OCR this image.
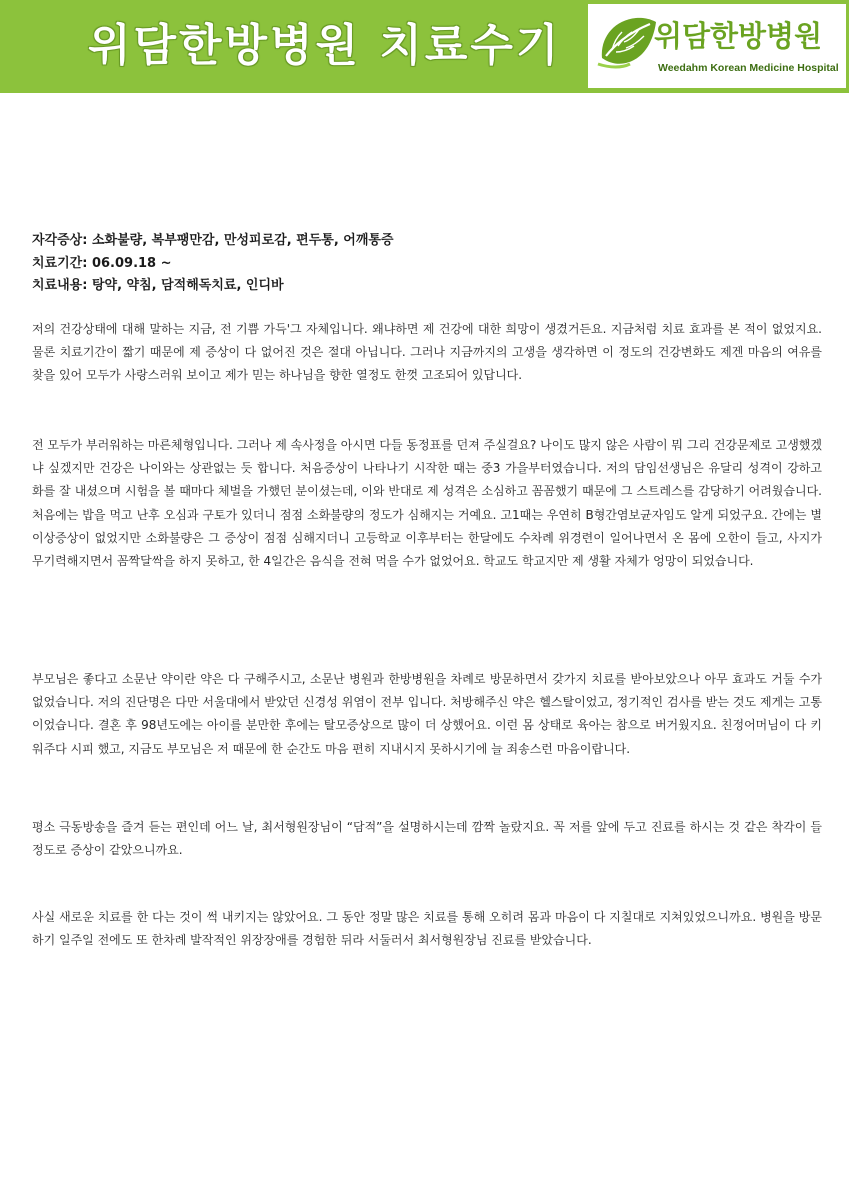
위담한방병원 치료수기	위담한방병원
Weedahm Korean Medicine Hospital
자각증상: 소화불량, 복부팽만감, 만성피로감, 편두통, 어깨통증
치료기간: 06.09.18 ~
치료내용: 탕약, 약침, 담적해독치료, 인디바

저의 건강상태에 대해 말하는 지금, 전 기쁨 가득'그 자체입니다. 왜냐하면 제 건강에 대한 희망이 생겼거든요. 지금처럼 치료 효과를 본 적이 없었지요. 물론 치료기간이 짧기 때문에 제 증상이 다 없어진 것은 절대 아닙니다. 그러나 지금까지의 고생을 생각하면 이 정도의 건강변화도 제겐 마음의 여유를 찾을 있어 모두가 사랑스러워 보이고 제가 믿는 하나님을 향한 열정도 한껏 고조되어 있답니다.

전 모두가 부러워하는 마른체형입니다. 그러나 제 속사정을 아시면 다들 동정표를 던져 주실걸요? 나이도 많지 않은 사람이 뭐 그리 건강문제로 고생했겠냐 싶겠지만 건강은 나이와는 상관없는 듯 합니다. 처음증상이 나타나기 시작한 때는 중3 가을부터였습니다. 저의 담임선생님은 유달리 성격이 강하고 화를 잘 내셨으며 시험을 볼 때마다 체벌을 가했던 분이셨는데, 이와 반대로 제 성격은 소심하고 꼼꼼했기 때문에 그 스트레스를 감당하기 어려웠습니다. 처음에는 밥을 먹고 난후 오심과 구토가 있더니 점점 소화불량의 정도가 심해지는 거예요. 고1때는 우연히 B형간염보균자임도 알게 되었구요. 간에는 별 이상증상이 없었지만 소화불량은 그 증상이 점점 심해지더니 고등학교 이후부터는 한달에도 수차례 위경련이 일어나면서 온 몸에 오한이 들고, 사지가 무기력해지면서 꼼짝달싹을 하지 못하고, 한 4일간은 음식을 전혀 먹을 수가 없었어요. 학교도 학교지만 제 생활 자체가 엉망이 되었습니다.

부모님은 좋다고 소문난 약이란 약은 다 구해주시고, 소문난 병원과 한방병원을 차례로 방문하면서 갖가지 치료를 받아보았으나 아무 효과도 거둘 수가 없었습니다. 저의 진단명은 다만 서울대에서 받았던 신경성 위염이 전부 입니다. 처방해주신 약은 헬스탈이었고, 정기적인 검사를 받는 것도 제게는 고통이었습니다. 결혼 후 98년도에는 아이를 분만한 후에는 탈모증상으로 많이 더 상했어요. 이런 몸 상태로 육아는 참으로 버거웠지요. 친정어머님이 다 키워주다 시피 했고, 지금도 부모님은 저 때문에 한 순간도 마음 편히 지내시지 못하시기에 늘 죄송스런 마음이랍니다.

평소 극동방송을 즐겨 듣는 편인데 어느 날, 최서형원장님이 “담적”을 설명하시는데 깜짝 놀랐지요. 꼭 저를 앞에 두고 진료를 하시는 것 같은 착각이 들 정도로 증상이 같았으니까요.

사실 새로운 치료를 한 다는 것이 썩 내키지는 않았어요. 그 동안 정말 많은 치료를 통해 오히려 몸과 마음이 다 지칠대로 지쳐있었으니까요. 병원을 방문하기 일주일 전에도 또 한차례 발작적인 위장장애를 경험한 뒤라 서둘러서 최서형원장님 진료를 받았습니다.
